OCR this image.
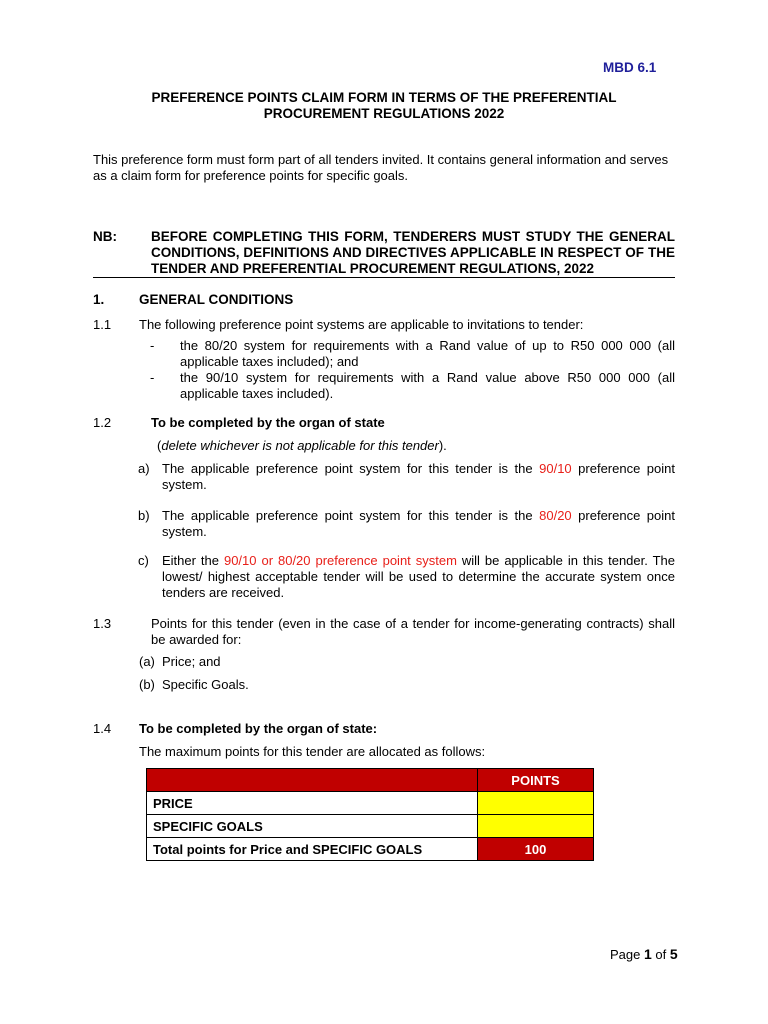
MBD 6.1
PREFERENCE POINTS CLAIM FORM IN TERMS OF THE PREFERENTIAL
PROCUREMENT REGULATIONS 2022
This preference form must form part of all tenders invited. It contains general information and serves as a claim form for preference points for specific goals.
NB:	BEFORE COMPLETING THIS FORM, TENDERERS MUST STUDY THE GENERAL CONDITIONS, DEFINITIONS AND DIRECTIVES APPLICABLE IN RESPECT OF THE TENDER AND PREFERENTIAL PROCUREMENT REGULATIONS, 2022
1.	GENERAL CONDITIONS
1.1 The following preference point systems are applicable to invitations to tender:
- the 80/20 system for requirements with a Rand value of up to R50 000 000 (all applicable taxes included); and
- the 90/10 system for requirements with a Rand value above R50 000 000 (all applicable taxes included).
1.2	To be completed by the organ of state
(delete whichever is not applicable for this tender).
a) The applicable preference point system for this tender is the 90/10 preference point system.
b) The applicable preference point system for this tender is the 80/20 preference point system.
c) Either the 90/10 or 80/20 preference point system will be applicable in this tender. The lowest/ highest acceptable tender will be used to determine the accurate system once tenders are received.
1.3	Points for this tender (even in the case of a tender for income-generating contracts) shall be awarded for:
(a) Price; and
(b) Specific Goals.
1.4 To be completed by the organ of state:
The maximum points for this tender are allocated as follows:
	POINTS
PRICE	
SPECIFIC GOALS	
Total points for Price and SPECIFIC GOALS	100
Page 1 of 5
